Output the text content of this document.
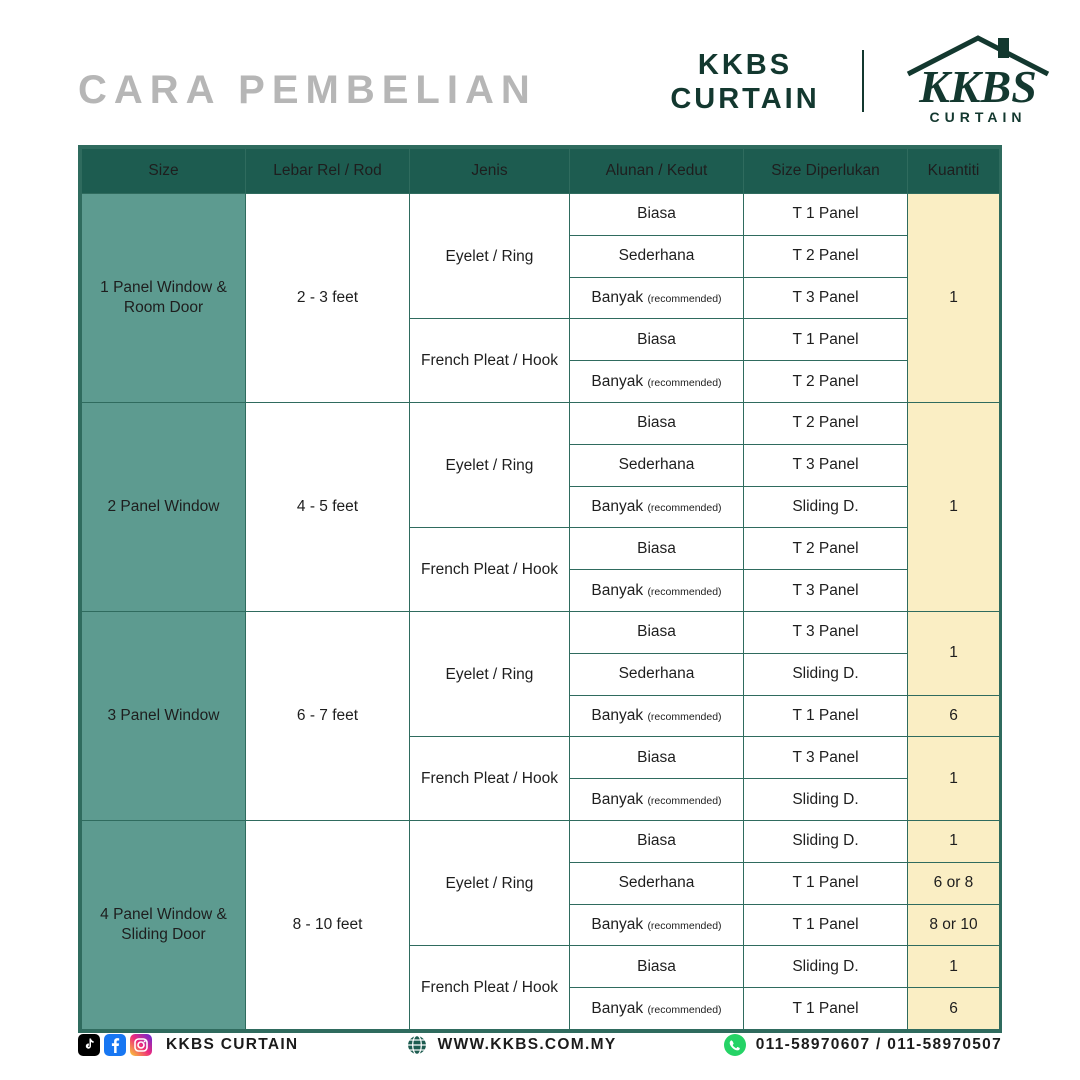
CARA PEMBELIAN
KKBS
CURTAIN	KKBS
CURTAIN
Size	Lebar Rel / Rod	Jenis	Alunan / Kedut	Size Diperlukan	Kuantiti
1 Panel Window & Room Door	2 - 3 feet	Eyelet / Ring	Biasa	T 1 Panel	1
			Sederhana	T 2 Panel	
			Banyak (recommended)	T 3 Panel	
		French Pleat / Hook	Biasa	T 1 Panel	
			Banyak (recommended)	T 2 Panel	
2 Panel Window	4 - 5 feet	Eyelet / Ring	Biasa	T 2 Panel	1
			Sederhana	T 3 Panel	
			Banyak (recommended)	Sliding D.	
		French Pleat / Hook	Biasa	T 2 Panel	
			Banyak (recommended)	T 3 Panel	
3 Panel Window	6 - 7 feet	Eyelet / Ring	Biasa	T 3 Panel	1
			Sederhana	Sliding D.	
			Banyak (recommended)	T 1 Panel	6
		French Pleat / Hook	Biasa	T 3 Panel	1
			Banyak (recommended)	Sliding D.	
4 Panel Window & Sliding Door	8 - 10 feet	Eyelet / Ring	Biasa	Sliding D.	1
			Sederhana	T 1 Panel	6 or 8
			Banyak (recommended)	T 1 Panel	8 or 10
		French Pleat / Hook	Biasa	Sliding D.	1
			Banyak (recommended)	T 1 Panel	6
KKBS CURTAIN	WWW.KKBS.COM.MY	011-58970607 / 011-58970507
